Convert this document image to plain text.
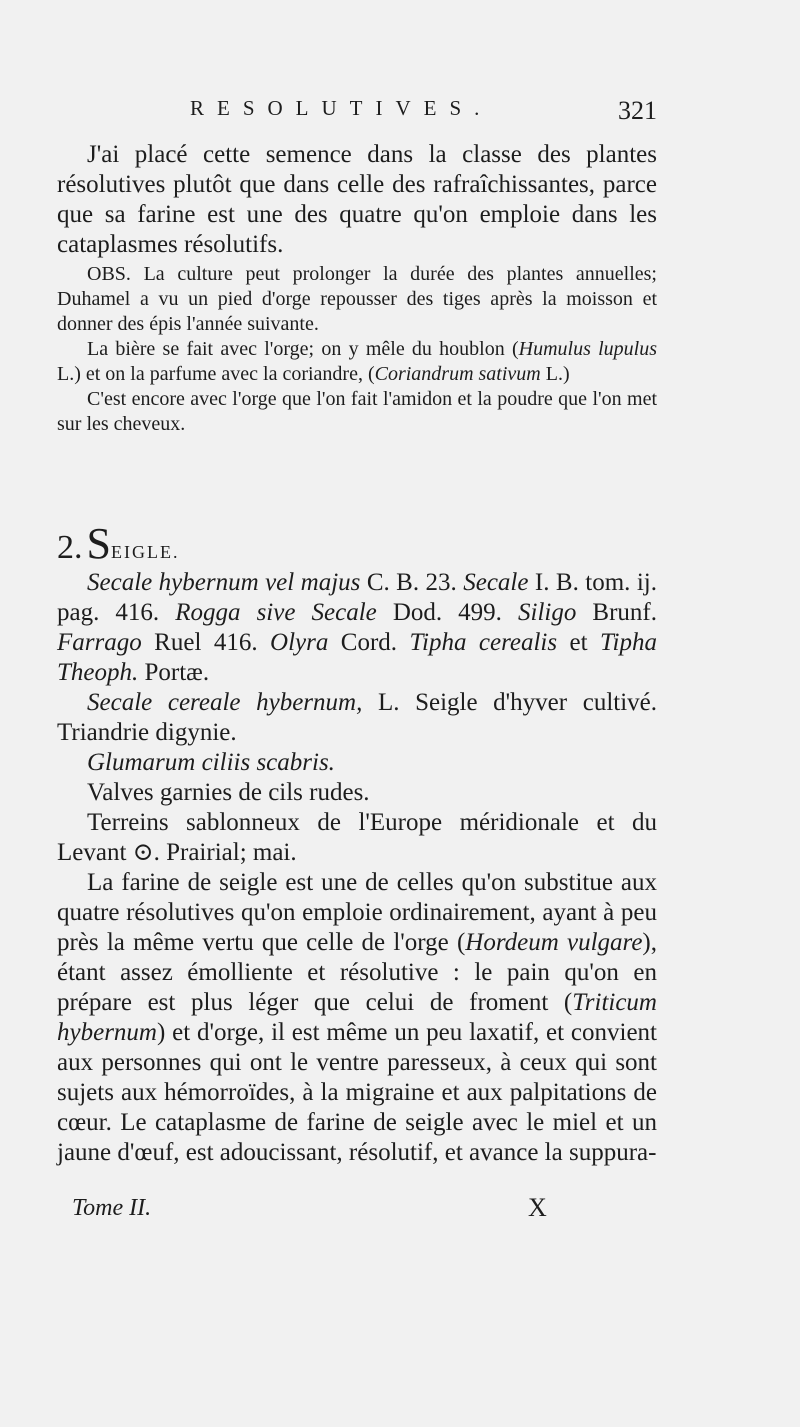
RESOLUTIVES.	321

J'ai placé cette semence dans la classe des plantes résolutives plutôt que dans celle des rafraîchissantes, parce que sa farine est une des quatre qu'on emploie dans les cataplasmes résolutifs.

OBS. La culture peut prolonger la durée des plantes annuelles; Duhamel a vu un pied d'orge repousser des tiges après la moisson et donner des épis l'année suivante.

La bière se fait avec l'orge; on y mêle du houblon (Humulus lupulus L.) et on la parfume avec la coriandre, (Coriandrum sativum L.)

C'est encore avec l'orge que l'on fait l'amidon et la poudre que l'on met sur les cheveux.

2. SEIGLE.

Secale hybernum vel majus C. B. 23. Secale I. B. tom. ij. pag. 416. Rogga sive Secale Dod. 499. Siligo Brunf. Farrago Ruel 416. Olyra Cord. Tipha cerealis et Tipha Theoph. Portæ.

Secale cereale hybernum, L. Seigle d'hyver cultivé. Triandrie digynie.

Glumarum ciliis scabris.

Valves garnies de cils rudes.

Terreins sablonneux de l'Europe méridionale et du Levant ⊙. Prairial; mai.

La farine de seigle est une de celles qu'on substitue aux quatre résolutives qu'on emploie ordinairement, ayant à peu près la même vertu que celle de l'orge (Hordeum vulgare), étant assez émolliente et résolutive : le pain qu'on en prépare est plus léger que celui de froment (Triticum hybernum) et d'orge, il est même un peu laxatif, et convient aux personnes qui ont le ventre paresseux, à ceux qui sont sujets aux hémorroïdes, à la migraine et aux palpitations de cœur. Le cataplasme de farine de seigle avec le miel et un jaune d'œuf, est adoucissant, résolutif, et avance la suppura-

Tome II.	X
